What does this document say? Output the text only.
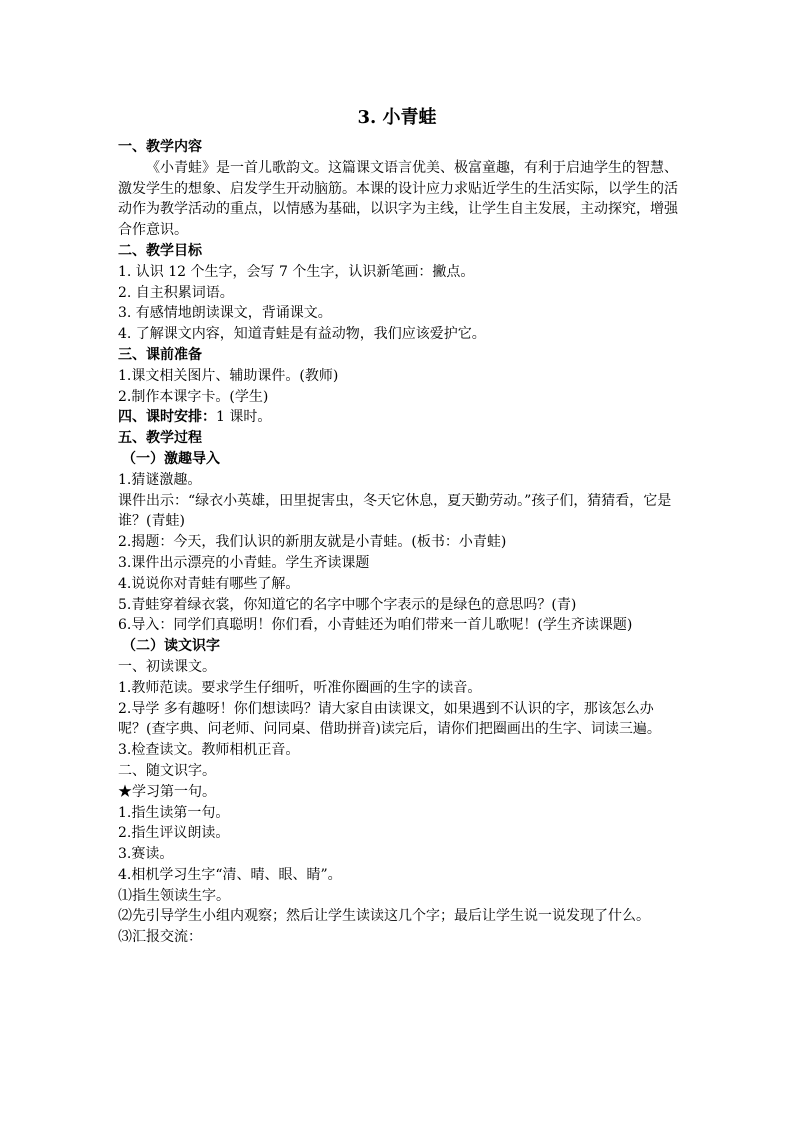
3. 小青蛙

一、教学内容

《小青蛙》是一首儿歌韵文。这篇课文语言优美、极富童趣，有利于启迪学生的智慧、激发学生的想象、启发学生开动脑筋。本课的设计应力求贴近学生的生活实际，以学生的活动作为教学活动的重点，以情感为基础，以识字为主线，让学生自主发展，主动探究，增强合作意识。

二、教学目标

1. 认识 12 个生字，会写 7 个生字，认识新笔画：撇点。

2. 自主积累词语。

3. 有感情地朗读课文，背诵课文。

4. 了解课文内容，知道青蛙是有益动物，我们应该爱护它。

三、课前准备

1.课文相关图片、辅助课件。(教师)

2.制作本课字卡。(学生)

四、课时安排：1 课时。

五、教学过程

（一）激趣导入

1.猜谜激趣。

课件出示：“绿衣小英雄，田里捉害虫，冬天它休息，夏天勤劳动。”孩子们，猜猜看，它是谁？(青蛙)

2.揭题：今天，我们认识的新朋友就是小青蛙。(板书：小青蛙)

3.课件出示漂亮的小青蛙。学生齐读课题

4.说说你对青蛙有哪些了解。

5.青蛙穿着绿衣裳，你知道它的名字中哪个字表示的是绿色的意思吗？(青)

6.导入：同学们真聪明！你们看，小青蛙还为咱们带来一首儿歌呢！(学生齐读课题)

（二）读文识字

一、初读课文。

1.教师范读。要求学生仔细听，听准你圈画的生字的读音。

2.导学 多有趣呀！你们想读吗？请大家自由读课文，如果遇到不认识的字，那该怎么办呢？(查字典、问老师、问同桌、借助拼音)读完后，请你们把圈画出的生字、词读三遍。

3.检查读文。教师相机正音。

二、随文识字。

★学习第一句。

1.指生读第一句。

2.指生评议朗读。

3.赛读。

4.相机学习生字“清、晴、眼、睛”。

⑴指生领读生字。

⑵先引导学生小组内观察；然后让学生读读这几个字；最后让学生说一说发现了什么。

⑶汇报交流：
